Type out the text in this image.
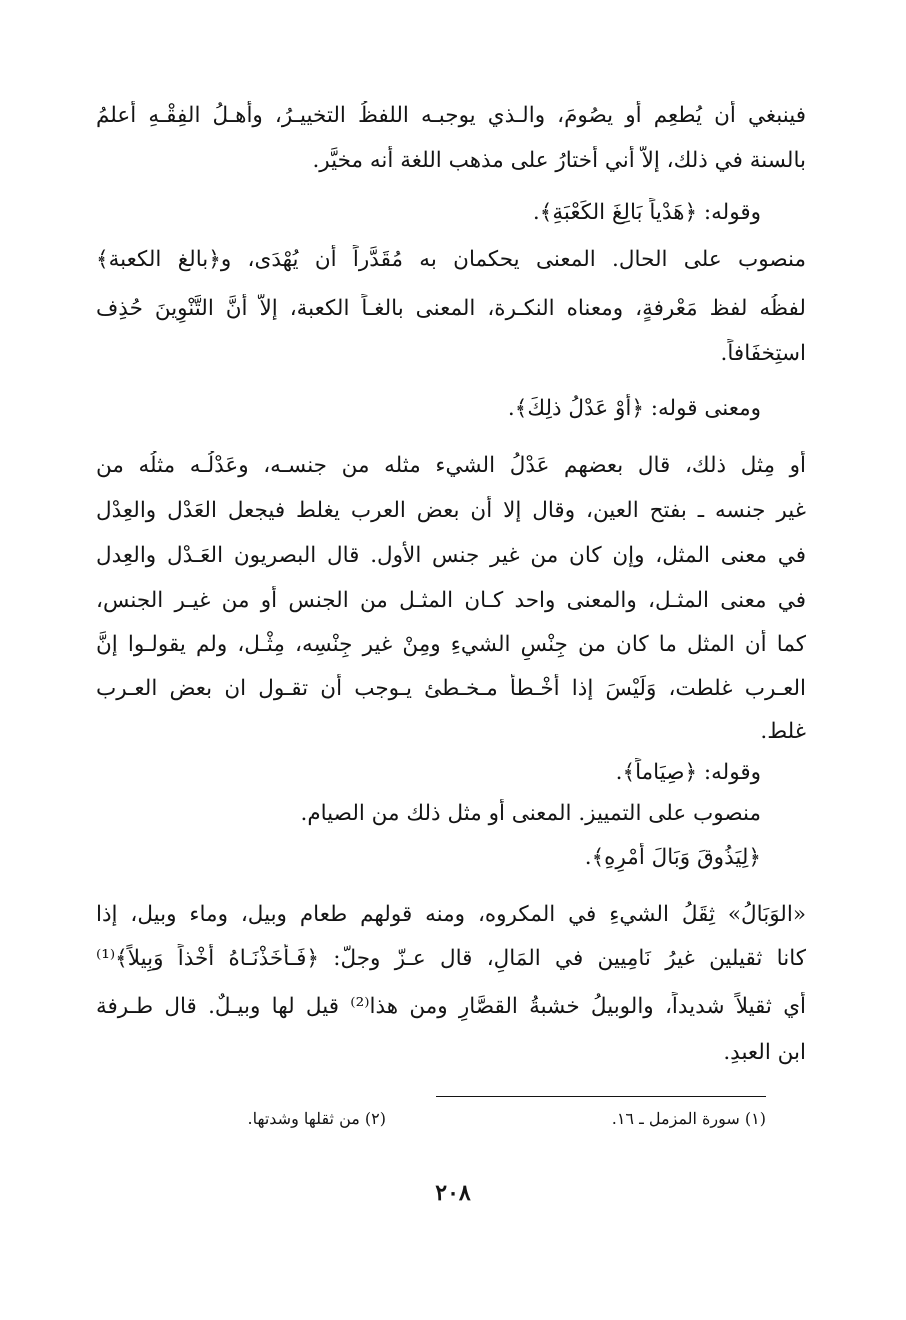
فينبغي أن يُطعِم أو يصُومَ، والـذي يوجبـه اللفظُ التخييـرُ، وأهـلُ الفِقْـهِ أعلمُ
بالسنة في ذلك، إلاّ أني أختارُ على مذهب اللغة أنه مخيَّر.
وقوله: ﴿هَدْياً بَالِغَ الكَعْبَةِ﴾.
منصوب على الحال. المعنى يحكمان به مُقَدَّراً أن يُهْدَى، و﴿بالغ الكعبة﴾
لفظُه لفظ مَعْرفةٍ، ومعناه النكـرة، المعنى بالغـاً الكعبة، إلاّ أنَّ التَّنْوِينَ حُذِف
استِخفَافاً.
ومعنى قوله: ﴿أَوْ عَدْلُ ذلِكَ﴾.
أَو مِثل ذلك، قال بعضهم عَدْلُ الشيء مثله من جنسـه، وعَدْلُـه مثلُه من
غير جنسه ـ بفتح العين، وقال إلا أن بعض العرب يغلط فيجعل العَدْل والعِدْل
في معنى المثل، وإن كان من غير جنس الأول. قال البصريون العَـدْل والعِدل
في معنى المثـل، والمعنى واحد كـان المثـل من الجنس أو من غيـر الجنس،
كما أن المثل ما كان من جِنْسِ الشيءِ ومِنْ غير جِنْسِه، مِثْـل، ولم يقولـوا إنَّ
العـرب غلطت، وَلَيْسَ إذا أخْـطأ مـخـطئ يـوجب أن تقـول ان بعض العـرب
غلط.
وقوله: ﴿صِيَاماً﴾.
منصوب على التمييز. المعنى أو مثل ذلك من الصيام.
﴿لِيَذُوقَ وَبَالَ أَمْرِهِ﴾.
«الوَبَالُ» ثِقَلُ الشيءِ في المكروه، ومنه قولهم طعام وبيل، وماء وبيل، إذا
كانا ثقيلين غيرُ نَامِيين في المَالِ، قال عـزّ وجلّ: ﴿فَـأَخَذْنَـاهُ أَخْذاً وَبِيلاً﴾⁽¹⁾
أي ثقيلاً شديداً، والوبيلُ خشبةُ القصَّارِ ومن هذا⁽²⁾ قيل لها وبيـلٌ. قال طـرفة
ابن العبدِ.
(١) سورة المزمل ـ ١٦.
(٢) من ثقلها وشدتها.
٢٠٨
